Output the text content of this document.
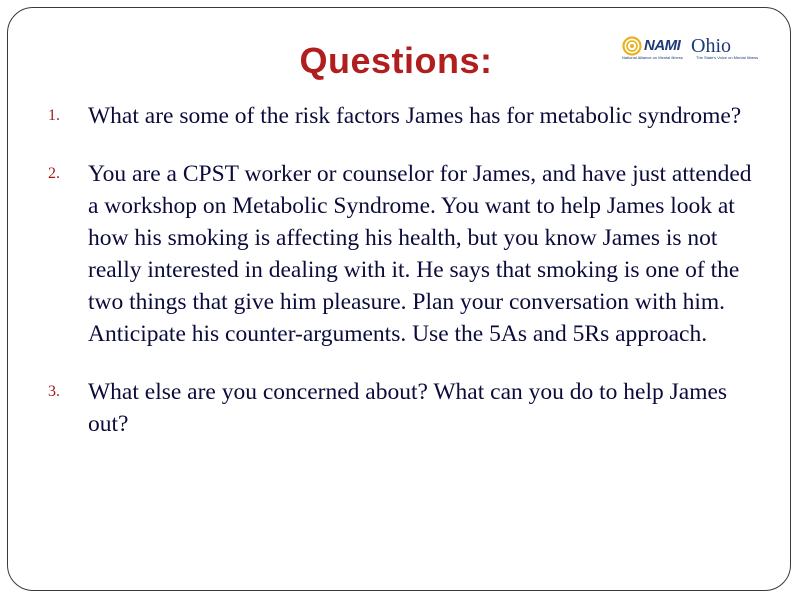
Questions:	NAMI Ohio
National Alliance on Mental Illness	The State's Voice on Mental Illness
1. What are some of the risk factors James has for metabolic syndrome?
2. You are a CPST worker or counselor for James, and have just attended a workshop on Metabolic Syndrome. You want to help James look at how his smoking is affecting his health, but you know James is not really interested in dealing with it. He says that smoking is one of the two things that give him pleasure. Plan your conversation with him. Anticipate his counter-arguments. Use the 5As and 5Rs approach.
3. What else are you concerned about? What can you do to help James out?
